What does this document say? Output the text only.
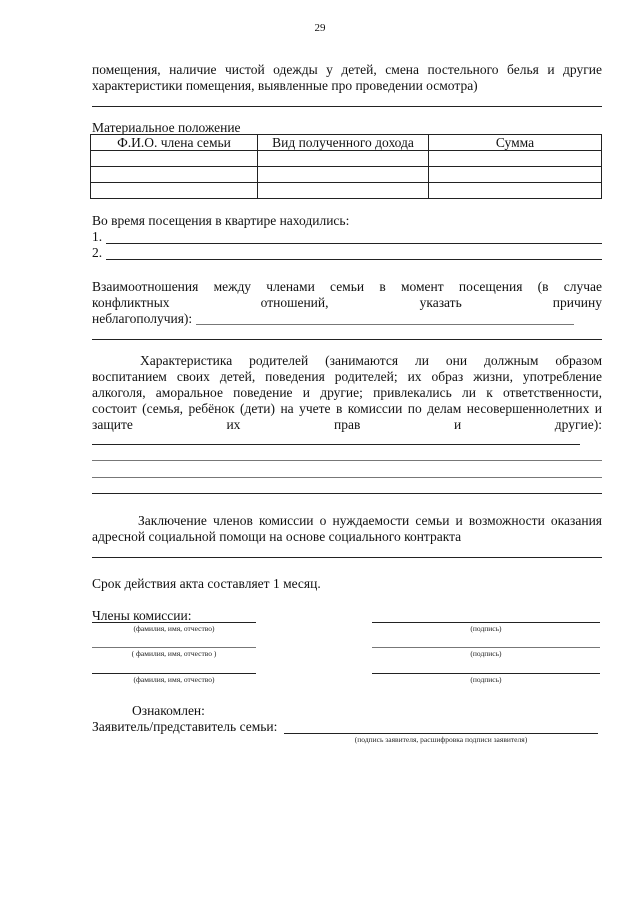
29
помещения, наличие чистой одежды у детей, смена постельного белья и другие
характеристики помещения, выявленные про проведении осмотра)
Материальное положение
Ф.И.О. члена семьи	Вид полученного дохода	Сумма

Во время посещения в квартире находились:
1.
2.
Взаимоотношения между членами семьи в момент посещения (в случае
конфликтных отношений, указать причину
неблагополучия):
Характеристика родителей (занимаются ли они должным образом
воспитанием своих детей, поведения родителей; их образ жизни, употребление
алкоголя, аморальное поведение и другие; привлекались ли к ответственности,
состоит (семья, ребёнок (дети) на учете в комиссии по делам несовершеннолетних и
защите их прав и другие):
Заключение членов комиссии о нуждаемости семьи и возможности оказания
адресной социальной помощи на основе социального контракта
Срок действия акта составляет 1 месяц.
Члены комиссии:
(фамилия, имя, отчество)	(подпись)
( фамилия, имя, отчество )	(подпись)
(фамилия, имя, отчество)	(подпись)
Ознакомлен:
Заявитель/представитель семьи:
(подпись заявителя, расшифровка подписи заявителя)
